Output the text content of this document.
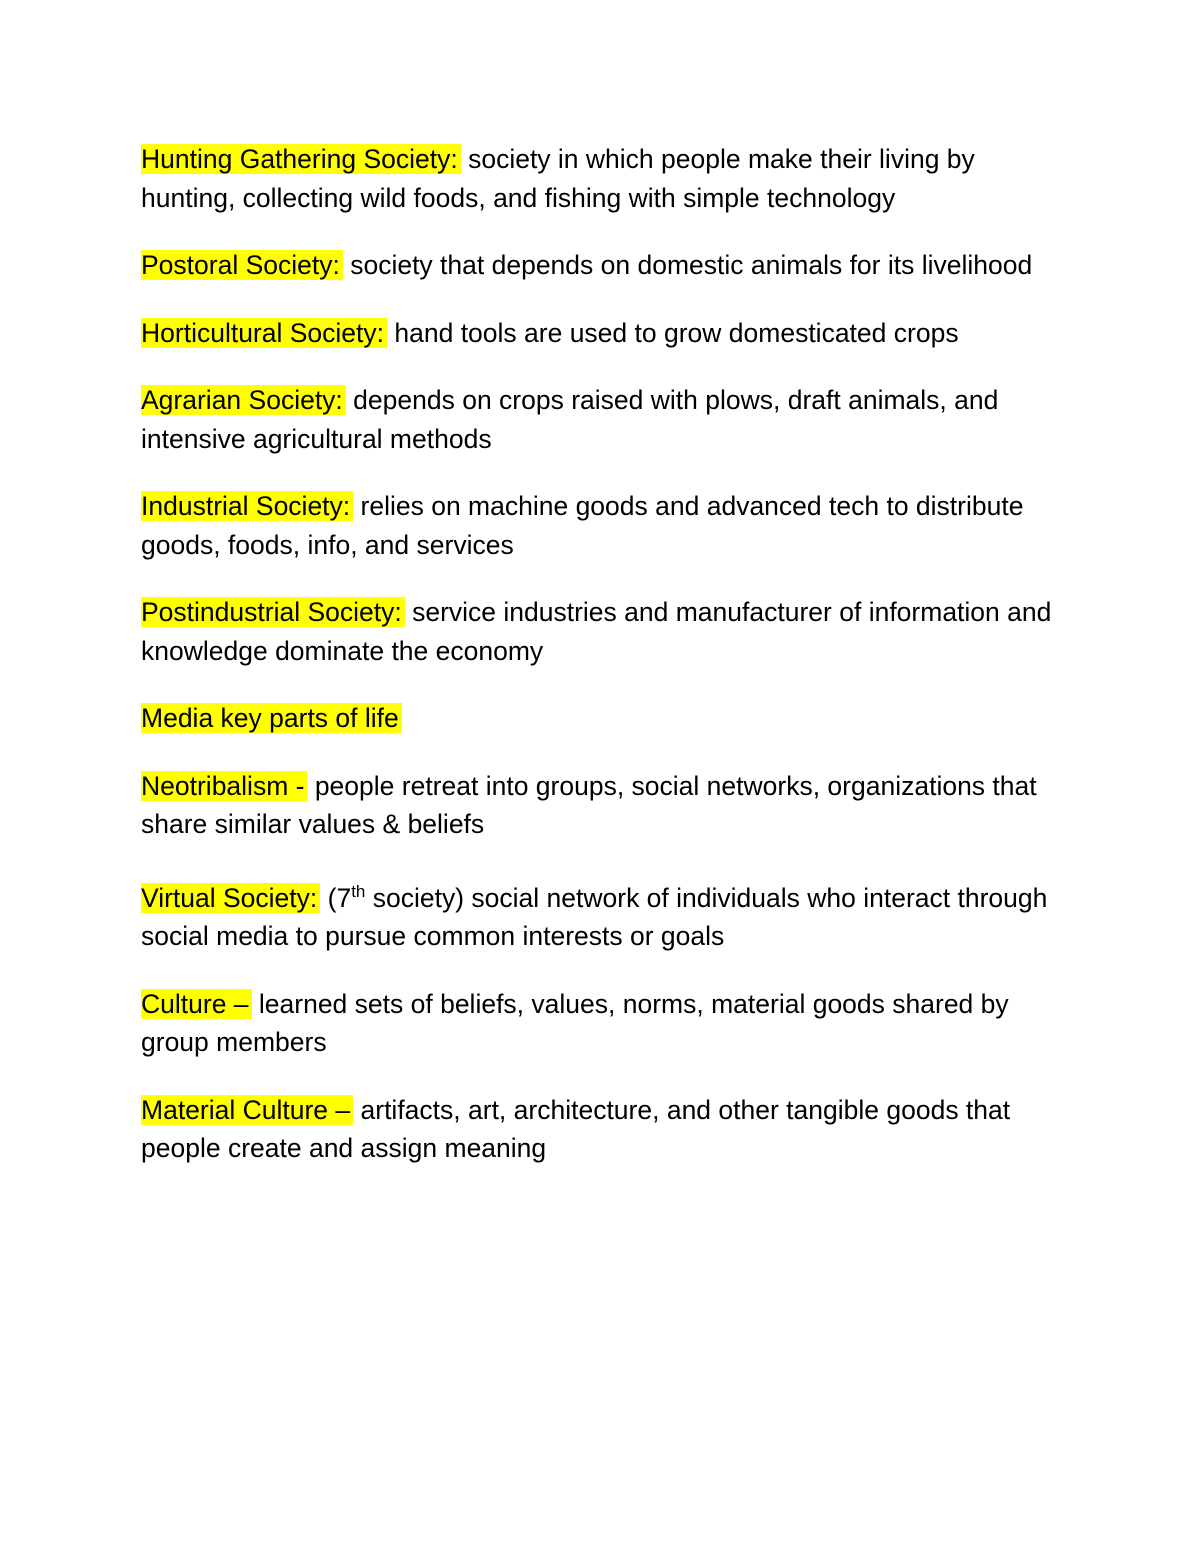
Hunting Gathering Society: society in which people make their living by hunting, collecting wild foods, and fishing with simple technology

Postoral Society: society that depends on domestic animals for its livelihood

Horticultural Society: hand tools are used to grow domesticated crops

Agrarian Society: depends on crops raised with plows, draft animals, and intensive agricultural methods

Industrial Society: relies on machine goods and advanced tech to distribute goods, foods, info, and services

Postindustrial Society: service industries and manufacturer of information and knowledge dominate the economy

Media key parts of life

Neotribalism - people retreat into groups, social networks, organizations that share similar values & beliefs

Virtual Society: (7th society) social network of individuals who interact through social media to pursue common interests or goals

Culture – learned sets of beliefs, values, norms, material goods shared by group members

Material Culture – artifacts, art, architecture, and other tangible goods that people create and assign meaning
